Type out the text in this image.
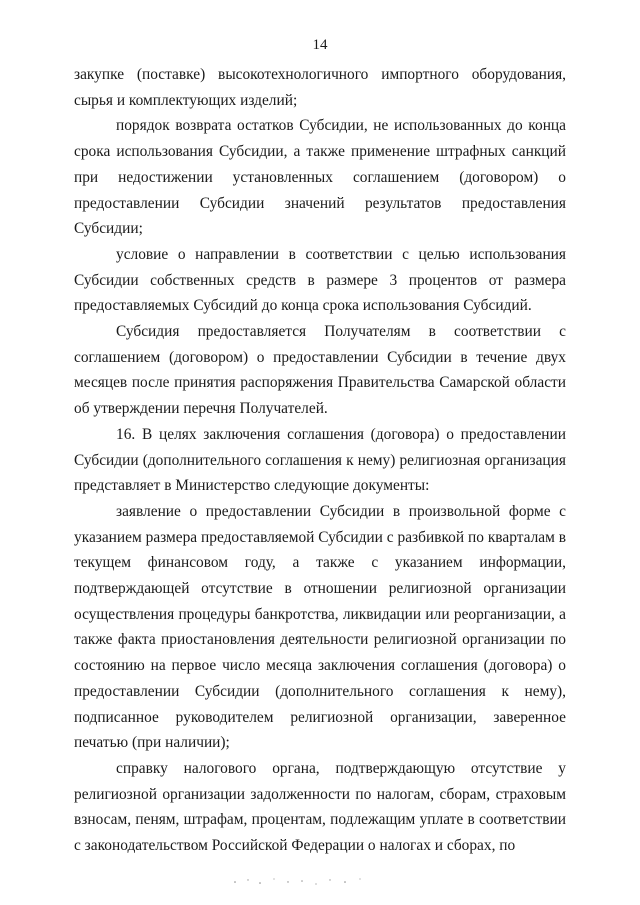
14

закупке (поставке) высокотехнологичного импортного оборудования, сырья и комплектующих изделий;

порядок возврата остатков Субсидии, не использованных до конца срока использования Субсидии, а также применение штрафных санкций при недостижении установленных соглашением (договором) о предоставлении Субсидии значений результатов предоставления Субсидии;

условие о направлении в соответствии с целью использования Субсидии собственных средств в размере 3 процентов от размера предоставляемых Субсидий до конца срока использования Субсидий.

Субсидия предоставляется Получателям в соответствии с соглашением (договором) о предоставлении Субсидии в течение двух месяцев после принятия распоряжения Правительства Самарской области об утверждении перечня Получателей.

16. В целях заключения соглашения (договора) о предоставлении Субсидии (дополнительного соглашения к нему) религиозная организация представляет в Министерство следующие документы:

заявление о предоставлении Субсидии в произвольной форме с указанием размера предоставляемой Субсидии с разбивкой по кварталам в текущем финансовом году, а также с указанием информации, подтверждающей отсутствие в отношении религиозной организации осуществления процедуры банкротства, ликвидации или реорганизации, а также факта приостановления деятельности религиозной организации по состоянию на первое число месяца заключения соглашения (договора) о предоставлении Субсидии (дополнительного соглашения к нему), подписанное руководителем религиозной организации, заверенное печатью (при наличии);

справку налогового органа, подтверждающую отсутствие у религиозной организации задолженности по налогам, сборам, страховым взносам, пеням, штрафам, процентам, подлежащим уплате в соответствии с законодательством Российской Федерации о налогах и сборах, по
